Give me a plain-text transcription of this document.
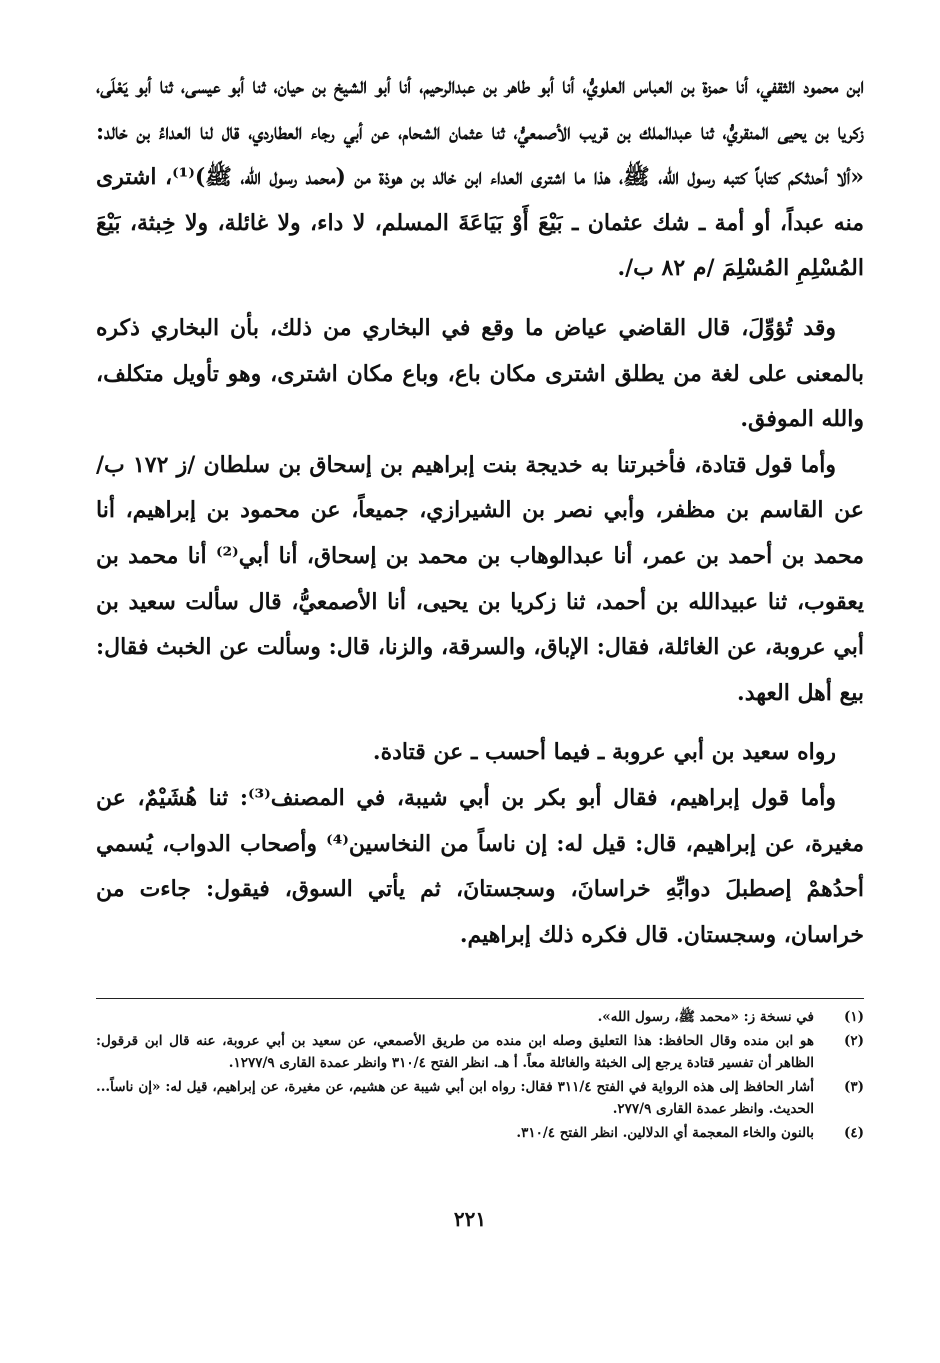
ابن محمود الثقفي، أنا حمزة بن العباس العلويُّ، أنا أبو طاهر بن عبدالرحيم، أنا أبو الشيخ بن حيان، ثنا أبو عيسى، ثنا أبو يَعْلَى، زكريا بن يحيى المنقريُّ، ثنا عبدالملك بن قريب الأصمعيُّ، ثنا عثمان الشحام، عن أبي رجاء العطاردي، قال لنا العداءُ بن خالد: «ألا أحدثكم كتاباً كتبه رسول الله، ﷺ، هذا ما اشترى العداء ابن خالد بن هوذة من (محمد رسول الله، ﷺ)⁽¹⁾، اشترى منه عبداً، أو أمة ـ شك عثمان ـ بَيْعَ أَوْ بَيَاعَةَ المسلم، لا داء، ولا غائلة، ولا خِبثة، بَيْعَ المُسْلِمِ المُسْلِمَ /م ٨٢ ب/.

وقد تُؤوِّلَ، قال القاضي عياض ما وقع في البخاري من ذلك، بأن البخاري ذكره بالمعنى على لغة من يطلق اشترى مكان باع، وباع مكان اشترى، وهو تأويل متكلف، والله الموفق.

وأما قول قتادة، فأخبرتنا به خديجة بنت إبراهيم بن إسحاق بن سلطان /ز ١٧٢ ب/ عن القاسم بن مظفر، وأبي نصر بن الشيرازي، جميعاً، عن محمود بن إبراهيم، أنا محمد بن أحمد بن عمر، أنا عبدالوهاب بن محمد بن إسحاق، أنا أبي⁽²⁾ أنا محمد بن يعقوب، ثنا عبيدالله بن أحمد، ثنا زكريا بن يحيى، أنا الأصمعيُّ، قال سألت سعيد بن أبي عروبة، عن الغائلة، فقال: الإباق، والسرقة، والزنا، قال: وسألت عن الخبث فقال: بيع أهل العهد.

رواه سعيد بن أبي عروبة ـ فيما أحسب ـ عن قتادة.

وأما قول إبراهيم، فقال أبو بكر بن أبي شيبة، في المصنف⁽³⁾: ثنا هُشَيْمٌ، عن مغيرة، عن إبراهيم، قال: قيل له: إن ناساً من النخاسين⁽⁴⁾ وأصحاب الدواب، يُسمي أحدُهمْ إصطبلَ دوابِّهِ خراسانَ، وسجستانَ، ثم يأتي السوق، فيقول: جاءت من خراسان، وسجستان. قال فكره ذلك إبراهيم.

(١)
في نسخة ز: «محمد ﷺ، رسول الله».
(٢)
هو ابن منده وقال الحافظ: هذا التعليق وصله ابن منده من طريق الأصمعي، عن سعيد بن أبي عروبة، عنه قال ابن قرقول: الظاهر أن تفسير قتادة يرجع إلى الخبثة والغائلة معاً. أ هـ. انظر الفتح ٣١٠/٤ وانظر عمدة القارى ١٢٧٧/٩.
(٣)
أشار الحافظ إلى هذه الرواية في الفتح ٣١١/٤ فقال: رواه ابن أبي شيبة عن هشيم، عن مغيرة، عن إبراهيم، قيل له: «إن ناساً... الحديث. وانظر عمدة القارى ٢٧٧/٩.
(٤)
بالنون والخاء المعجمة أي الدلالين. انظر الفتح ٣١٠/٤.
٢٢١
